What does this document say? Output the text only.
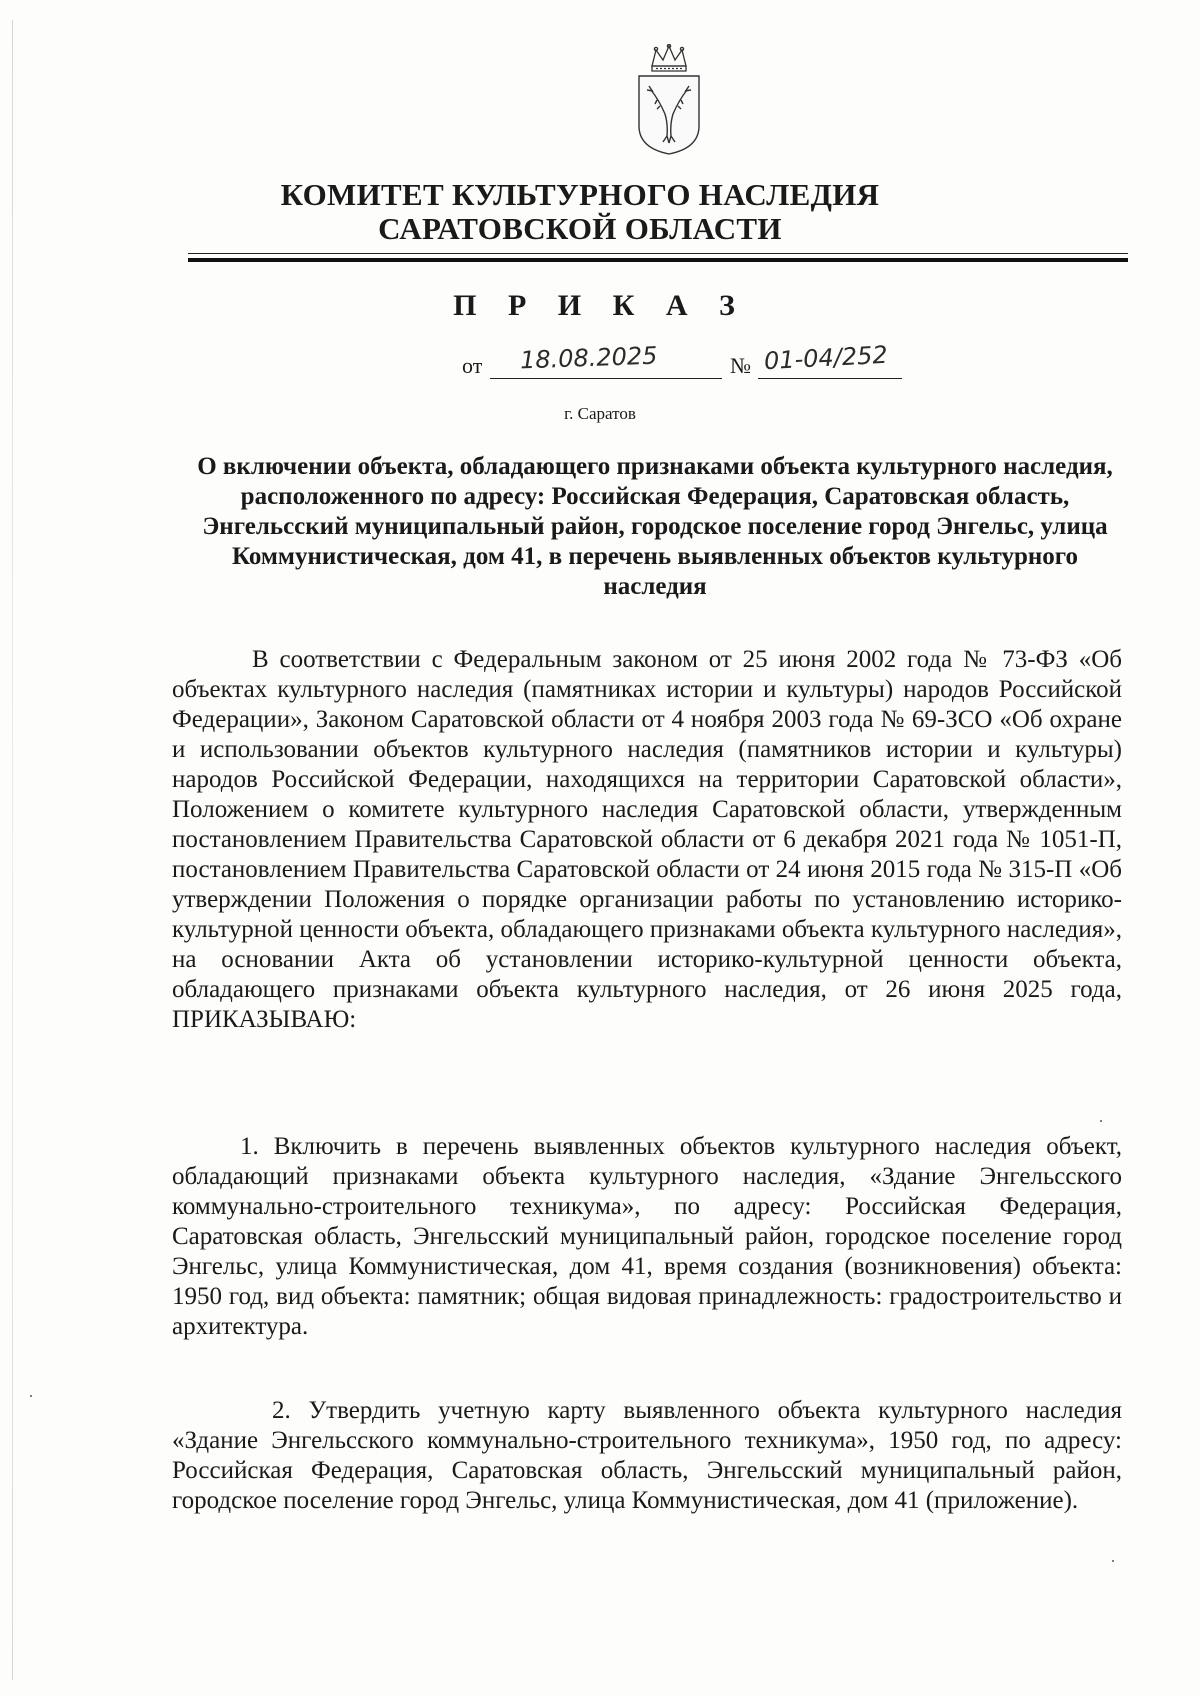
КОМИТЕТ КУЛЬТУРНОГО НАСЛЕДИЯ
САРАТОВСКОЙ ОБЛАСТИ
П Р И К А З
от 18.08.2025	№ 01-04/252
г. Саратов
О включении объекта, обладающего признаками объекта культурного наследия, расположенного по адресу: Российская Федерация, Саратовская область, Энгельсский муниципальный район, городское поселение город Энгельс, улица Коммунистическая, дом 41, в перечень выявленных объектов культурного наследия
В соответствии с Федеральным законом от 25 июня 2002 года № 73-ФЗ «Об объектах культурного наследия (памятниках истории и культуры) народов Российской Федерации», Законом Саратовской области от 4 ноября 2003 года № 69-ЗСО «Об охране и использовании объектов культурного наследия (памятников истории и культуры) народов Российской Федерации, находящихся на территории Саратовской области», Положением о комитете культурного наследия Саратовской области, утвержденным постановлением Правительства Саратовской области от 6 декабря 2021 года № 1051-П, постановлением Правительства Саратовской области от 24 июня 2015 года № 315-П «Об утверждении Положения о порядке организации работы по установлению историко-культурной ценности объекта, обладающего признаками объекта культурного наследия», на основании Акта об установлении историко-культурной ценности объекта, обладающего признаками объекта культурного наследия, от 26 июня 2025 года, ПРИКАЗЫВАЮ:
1. Включить в перечень выявленных объектов культурного наследия объект, обладающий признаками объекта культурного наследия, «Здание Энгельсского коммунально-строительного техникума», по адресу: Российская Федерация, Саратовская область, Энгельсский муниципальный район, городское поселение город Энгельс, улица Коммунистическая, дом 41, время создания (возникновения) объекта: 1950 год, вид объекта: памятник; общая видовая принадлежность: градостроительство и архитектура.
2. Утвердить учетную карту выявленного объекта культурного наследия «Здание Энгельсского коммунально-строительного техникума», 1950 год, по адресу: Российская Федерация, Саратовская область, Энгельсский муниципальный район, городское поселение город Энгельс, улица Коммунистическая, дом 41 (приложение).
